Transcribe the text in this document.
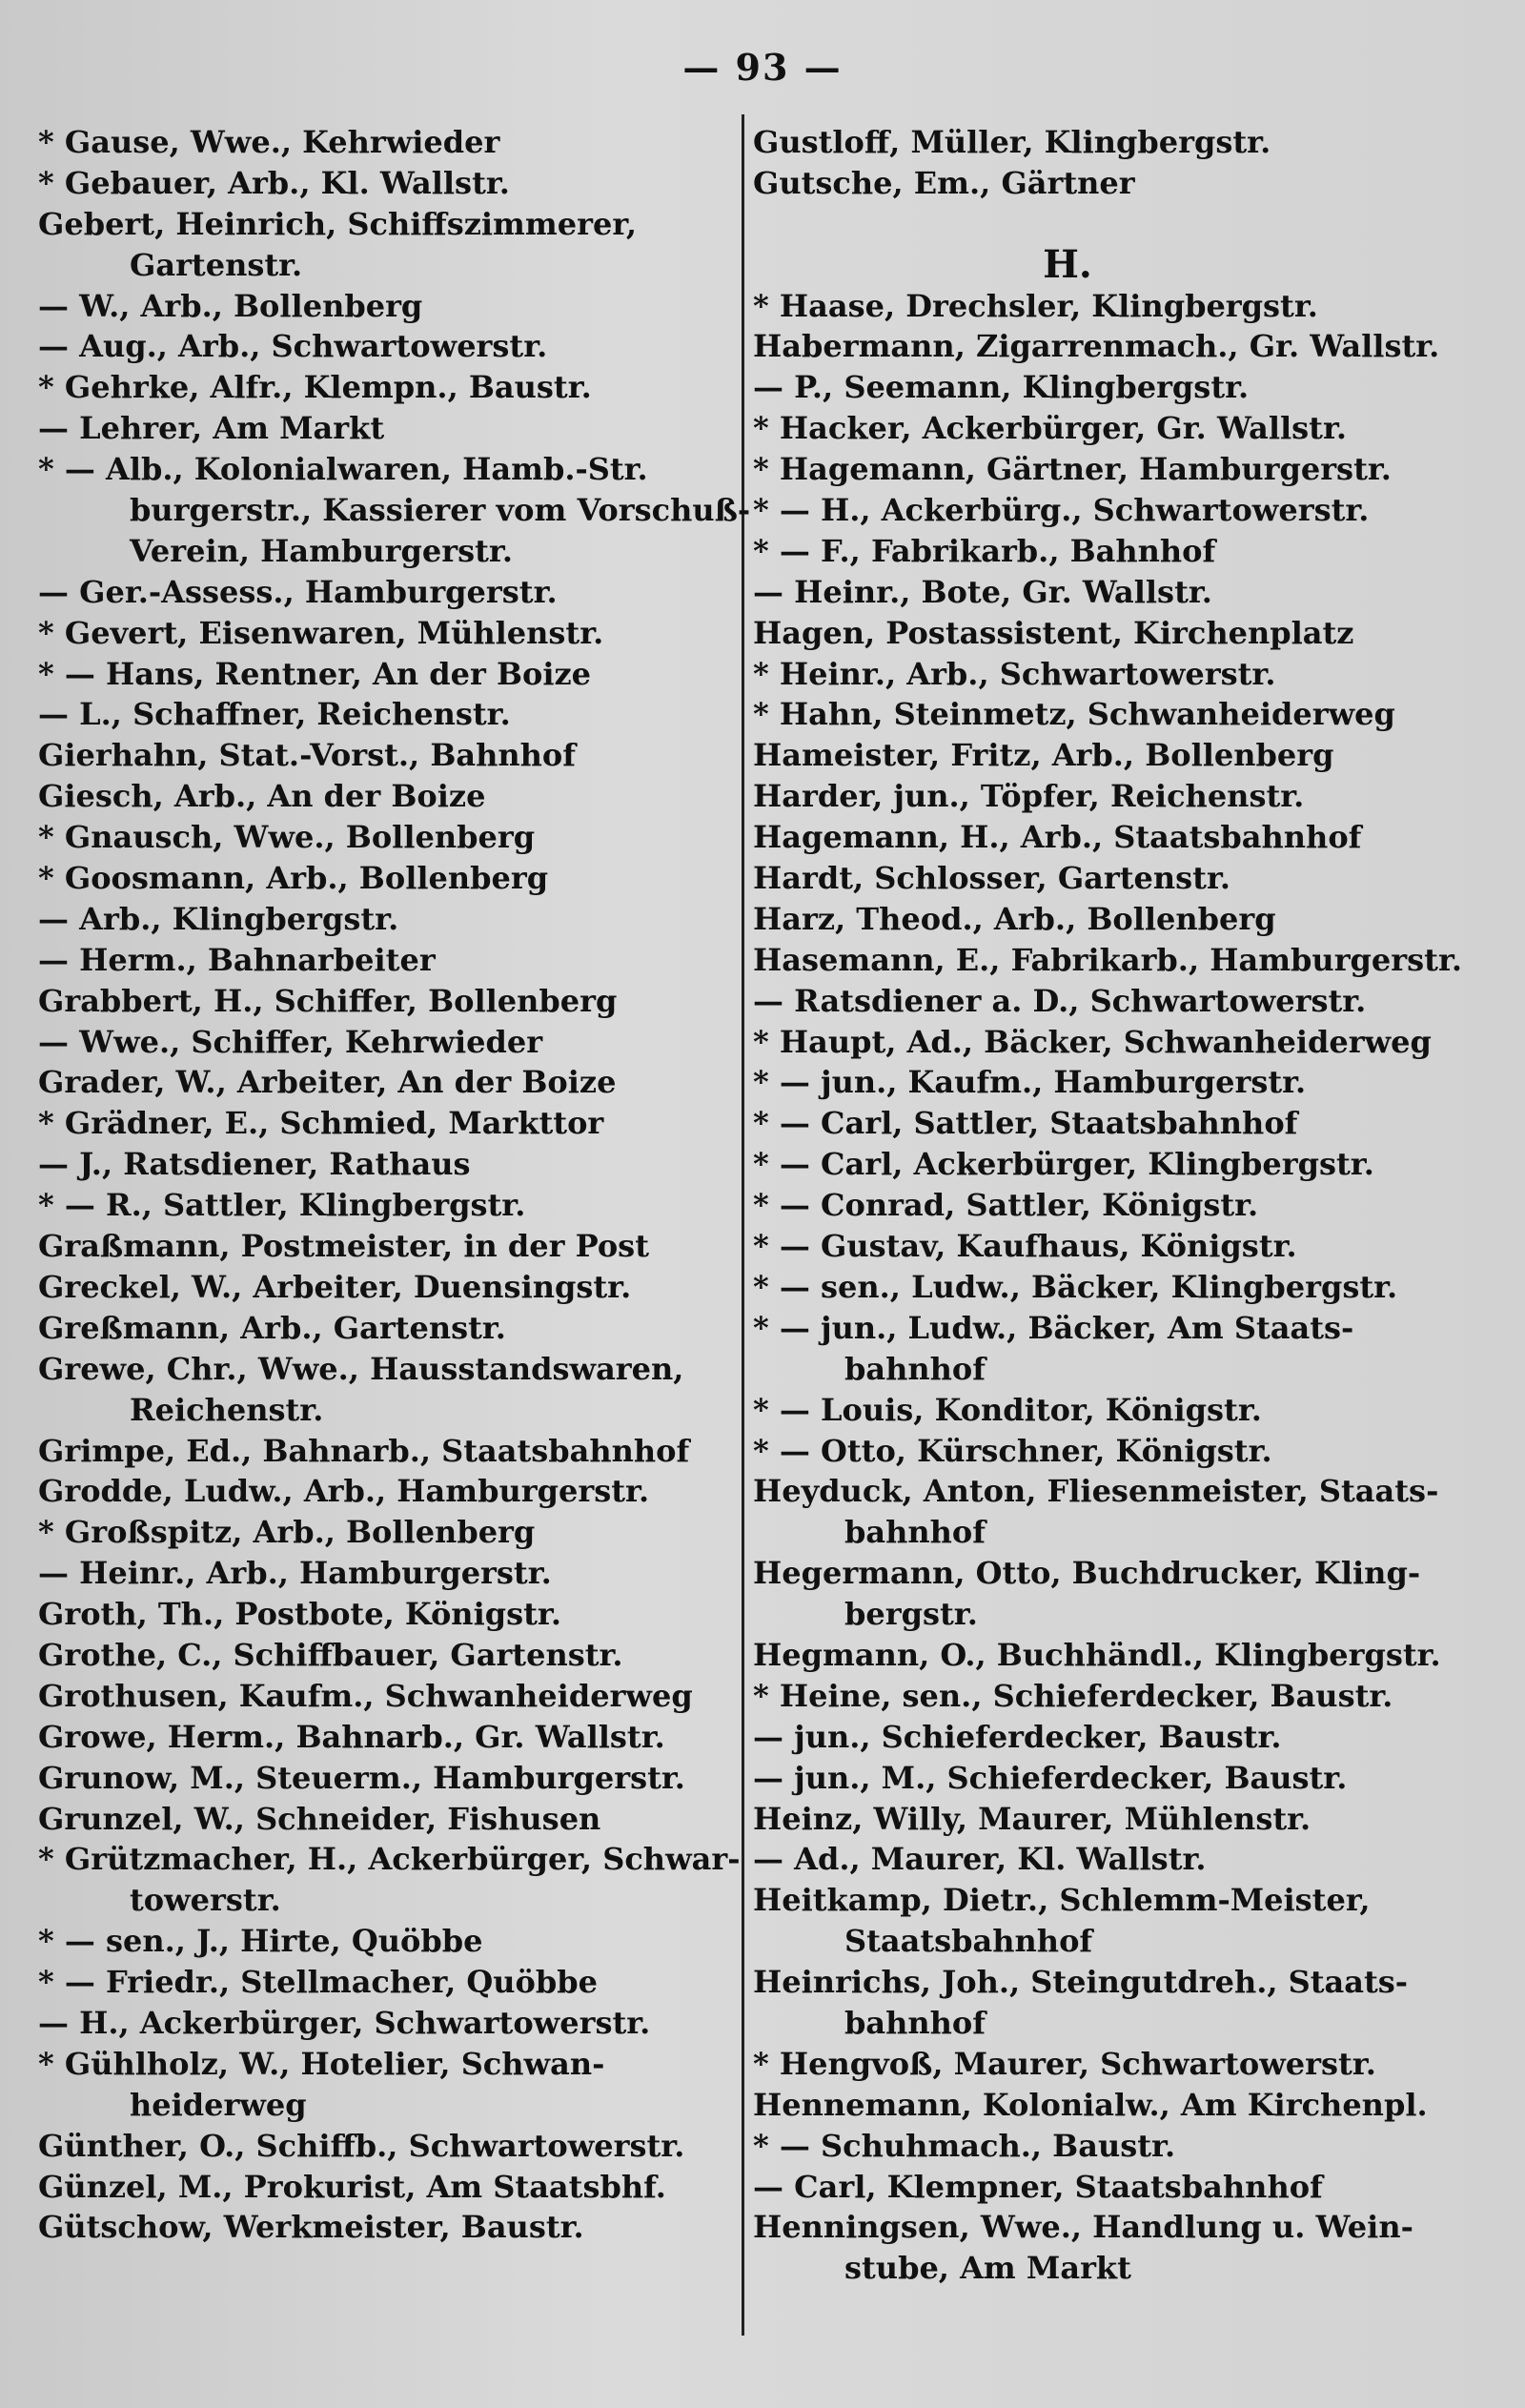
— 93 —
* Gause, Wwe., Kehrwieder
* Gebauer, Arb., Kl. Wallstr.
Gebert, Heinrich, Schiffszimmerer,
Gartenstr.
— W., Arb., Bollenberg
— Aug., Arb., Schwartowerstr.
* Gehrke, Alfr., Klempn., Baustr.
— Lehrer, Am Markt
* — Alb., Kolonialwaren, Hamb.-Str.
burgerstr., Kassierer vom Vorschuß-
Verein, Hamburgerstr.
— Ger.-Assess., Hamburgerstr.
* Gevert, Eisenwaren, Mühlenstr.
* — Hans, Rentner, An der Boize
— L., Schaffner, Reichenstr.
Gierhahn, Stat.-Vorst., Bahnhof
Giesch, Arb., An der Boize
* Gnausch, Wwe., Bollenberg
* Goosmann, Arb., Bollenberg
— Arb., Klingbergstr.
— Herm., Bahnarbeiter
Grabbert, H., Schiffer, Bollenberg
— Wwe., Schiffer, Kehrwieder
Grader, W., Arbeiter, An der Boize
* Grädner, E., Schmied, Markttor
— J., Ratsdiener, Rathaus
* — R., Sattler, Klingbergstr.
Graßmann, Postmeister, in der Post
Greckel, W., Arbeiter, Duensingstr.
Greßmann, Arb., Gartenstr.
Grewe, Chr., Wwe., Hausstandswaren,
Reichenstr.
Grimpe, Ed., Bahnarb., Staatsbahnhof
Grodde, Ludw., Arb., Hamburgerstr.
* Großspitz, Arb., Bollenberg
— Heinr., Arb., Hamburgerstr.
Groth, Th., Postbote, Königstr.
Grothe, C., Schiffbauer, Gartenstr.
Grothusen, Kaufm., Schwanheiderweg
Growe, Herm., Bahnarb., Gr. Wallstr.
Grunow, M., Steuerm., Hamburgerstr.
Grunzel, W., Schneider, Fishusen
* Grützmacher, H., Ackerbürger, Schwar-
towerstr.
* — sen., J., Hirte, Quöbbe
* — Friedr., Stellmacher, Quöbbe
— H., Ackerbürger, Schwartowerstr.
* Gühlholz, W., Hotelier, Schwan-
heiderweg
Günther, O., Schiffb., Schwartowerstr.
Günzel, M., Prokurist, Am Staatsbhf.
Gütschow, Werkmeister, Baustr.
Gustloff, Müller, Klingbergstr.
Gutsche, Em., Gärtner
H.
* Haase, Drechsler, Klingbergstr.
Habermann, Zigarrenmach., Gr. Wallstr.
— P., Seemann, Klingbergstr.
* Hacker, Ackerbürger, Gr. Wallstr.
* Hagemann, Gärtner, Hamburgerstr.
* — H., Ackerbürg., Schwartowerstr.
* — F., Fabrikarb., Bahnhof
— Heinr., Bote, Gr. Wallstr.
Hagen, Postassistent, Kirchenplatz
* Heinr., Arb., Schwartowerstr.
* Hahn, Steinmetz, Schwanheiderweg
Hameister, Fritz, Arb., Bollenberg
Harder, jun., Töpfer, Reichenstr.
Hagemann, H., Arb., Staatsbahnhof
Hardt, Schlosser, Gartenstr.
Harz, Theod., Arb., Bollenberg
Hasemann, E., Fabrikarb., Hamburgerstr.
— Ratsdiener a. D., Schwartowerstr.
* Haupt, Ad., Bäcker, Schwanheiderweg
* — jun., Kaufm., Hamburgerstr.
* — Carl, Sattler, Staatsbahnhof
* — Carl, Ackerbürger, Klingbergstr.
* — Conrad, Sattler, Königstr.
* — Gustav, Kaufhaus, Königstr.
* — sen., Ludw., Bäcker, Klingbergstr.
* — jun., Ludw., Bäcker, Am Staats-
bahnhof
* — Louis, Konditor, Königstr.
* — Otto, Kürschner, Königstr.
Heyduck, Anton, Fliesenmeister, Staats-
bahnhof
Hegermann, Otto, Buchdrucker, Kling-
bergstr.
Hegmann, O., Buchhändl., Klingbergstr.
* Heine, sen., Schieferdecker, Baustr.
— jun., Schieferdecker, Baustr.
— jun., M., Schieferdecker, Baustr.
Heinz, Willy, Maurer, Mühlenstr.
— Ad., Maurer, Kl. Wallstr.
Heitkamp, Dietr., Schlemm-Meister,
Staatsbahnhof
Heinrichs, Joh., Steingutdreh., Staats-
bahnhof
* Hengvoß, Maurer, Schwartowerstr.
Hennemann, Kolonialw., Am Kirchenpl.
* — Schuhmach., Baustr.
— Carl, Klempner, Staatsbahnhof
Henningsen, Wwe., Handlung u. Wein-
stube, Am Markt
